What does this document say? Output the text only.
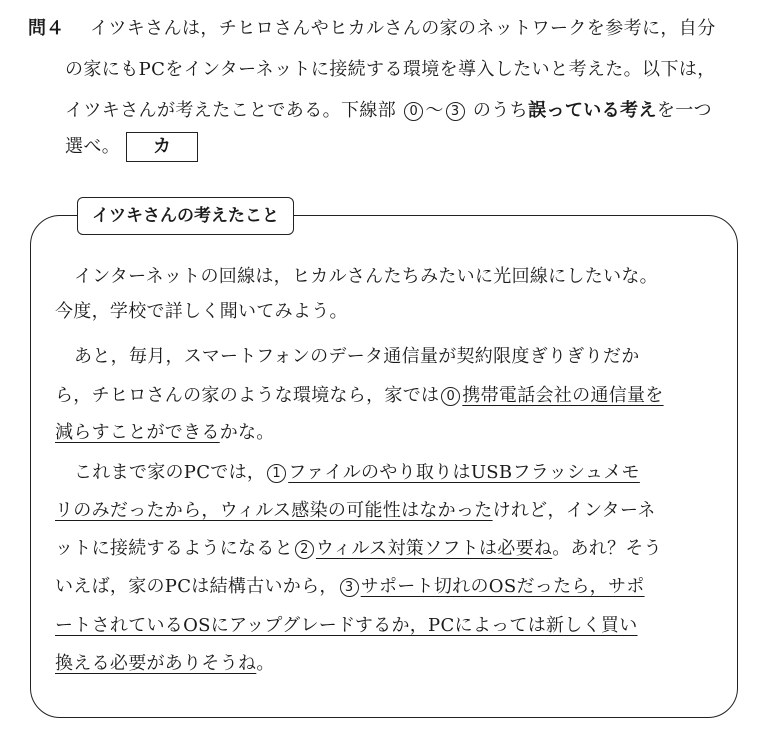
問４ イツキさんは，チヒロさんやヒカルさんの家のネットワークを参考に，自分
の家にもPCをインターネットに接続する環境を導入したいと考えた。以下は，
イツキさんが考えたことである。下線部 0 〜 3 のうち誤っている考えを一つ
選べ。 カ
イツキさんの考えたこと
インターネットの回線は，ヒカルさんたちみたいに光回線にしたいな。
今度，学校で詳しく聞いてみよう。
あと，毎月，スマートフォンのデータ通信量が契約限度ぎりぎりだか
ら，チヒロさんの家のような環境なら，家では 0 携帯電話会社の通信量を
減らすことができるかな。
これまで家のPCでは， 1 ファイルのやり取りはUSBフラッシュメモ
リのみだったから，ウィルス感染の可能性はなかったけれど，インターネ
ットに接続するようになると 2 ウィルス対策ソフトは必要ね。あれ？そう
いえば，家のPCは結構古いから， 3 サポート切れのOSだったら，サポ
ートされているOSにアップグレードするか，PCによっては新しく買い
換える必要がありそうね。
